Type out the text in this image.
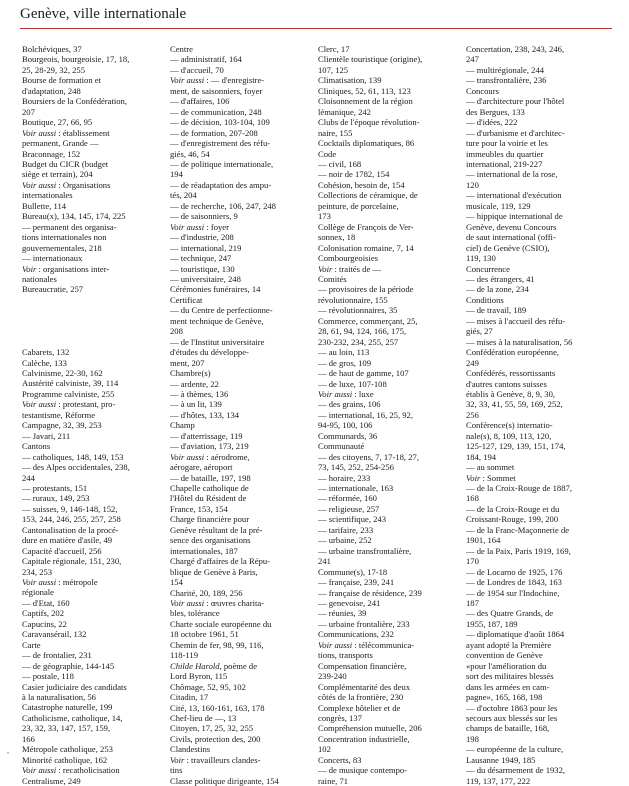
Genève, ville internationale
Bolchéviques, 37
Bourgeois, bourgeoisie, 17, 18,
25, 28-29, 32, 255
Bourse de formation et
d'adaptation, 248
Boursiers de la Confédération,
207
Boutique, 27, 66, 95
Voir aussi : établissement
permanent, Grande —
Braconnage, 152
Budget du CICR (budget
siège et terrain), 204
Voir aussi : Organisations
internationales
Bullette, 114
Bureau(x), 134, 145, 174, 225
— permanent des organisa-
tions internationales non
gouvernementales, 218
— internationaux
Voir : organisations inter-
nationales
Bureaucratie, 257
Cabarets, 132
Calèche, 133
Calvinisme, 22-30, 162
Austérité calviniste, 39, 114
Programme calviniste, 255
Voir aussi : protestant, pro-
testantisme, Réforme
Campagne, 32, 39, 253
— Javari, 211
Cantons
— catholiques, 148, 149, 153
— des Alpes occidentales, 238,
244
— protestants, 151
— ruraux, 149, 253
— suisses, 9, 146-148, 152,
153, 244, 246, 255, 257, 258
Cantonalisation de la procé-
dure en matière d'asile, 49
Capacité d'accueil, 256
Capitale régionale, 151, 230,
234, 253
Voir aussi : métropole
régionale
— d'Etat, 160
Captifs, 202
Capucins, 22
Caravansérail, 132
Carte
— de frontalier, 231
— de géographie, 144-145
— postale, 118
Casier judiciaire des candidats
à la naturalisation, 56
Catastrophe naturelle, 199
Catholicisme, catholique, 14,
23, 32, 33, 147, 157, 159,
166
Métropole catholique, 253
Minorité catholique, 162
Voir aussi : recatholicisation
Centralisme, 249
Centre
— administratif, 164
— d'accueil, 70
Voir aussi : — d'enregistre-
ment, de saisonniers, foyer
— d'affaires, 106
— de communication, 248
— de décision, 103-104, 109
— de formation, 207-208
— d'enregistrement des réfu-
giés, 46, 54
— de politique internationale,
194
— de réadaptation des ampu-
tés, 204
— de recherche, 106, 247, 248
— de saisonniers, 9
Voir aussi : foyer
— d'industrie, 208
— international, 219
— technique, 247
— touristique, 130
— universitaire, 248
Cérémonies funéraires, 14
Certificat
— du Centre de perfectionne-
ment technique de Genève,
208
— de l'Institut universitaire
d'études du développe-
ment, 207
Chambre(s)
— ardente, 22
— à thèmes, 136
— à un lit, 139
— d'hôtes, 133, 134
Champ
— d'atterrissage, 119
— d'aviation, 173, 219
Voir aussi : aérodrome,
aérogare, aéroport
— de bataille, 197, 198
Chapelle catholique de
l'Hôtel du Résident de
France, 153, 154
Charge financière pour
Genève résultant de la pré-
sence des organisations
internationales, 187
Chargé d'affaires de la Répu-
blique de Genève à Paris,
154
Charité, 20, 189, 256
Voir aussi : œuvres charita-
bles, tolérance
Charte sociale européenne du
18 octobre 1961, 51
Chemin de fer, 98, 99, 116,
118-119
Childe Harold, poème de
Lord Byron, 115
Chômage, 52, 95, 102
Citadin, 17
Cité, 13, 160-161, 163, 178
Chef-lieu de —, 13
Citoyen, 17, 25, 32, 255
Civils, protection des, 200
Clandestins
Voir : travailleurs clandes-
tins
Classe politique dirigeante, 154
Clerc, 17
Clientèle touristique (origine),
107, 125
Climatisation, 139
Cliniques, 52, 61, 113, 123
Cloisonnement de la région
lémanique, 242
Clubs de l'époque révolution-
naire, 155
Cocktails diplomatiques, 86
Code
— civil, 168
— noir de 1782, 154
Cohésion, besoin de, 154
Collections de céramique, de
peinture, de porcelaine,
173
Collège de François de Ver-
sonnex, 18
Colonisation romaine, 7, 14
Combourgeoisies
Voir : traités de —
Comités
— provisoires de la période
révolutionnaire, 155
— révolutionnaires, 35
Commerce, commerçant, 25,
28, 61, 94, 124, 166, 175,
230-232, 234, 255, 257
— au loin, 113
— de gros, 109
— de haut de gamme, 107
— de luxe, 107-108
Voir aussi : luxe
— des grains, 106
— international, 16, 25, 92,
94-95, 100, 106
Communards, 36
Communauté
— des citoyens, 7, 17-18, 27,
73, 145, 252, 254-256
— horaire, 233
— internationale, 163
— réformée, 160
— religieuse, 257
— scientifique, 243
— tarifaire, 233
— urbaine, 252
— urbaine transfrontalière,
241
Commune(s), 17-18
— française, 239, 241
— française de résidence, 239
— genevoise, 241
— réunies, 39
— urbaine frontalière, 233
Communications, 232
Voir aussi : télécommunica-
tions, transports
Compensation financière,
239-240
Complémentarité des deux
côtés de la frontière, 230
Complexe hôtelier et de
congrès, 137
Compréhension mutuelle, 206
Concentration industrielle,
102
Concerts, 83
— de musique contempo-
raine, 71
Concertation, 238, 243, 246,
247
— multirégionale, 244
— transfrontalière, 236
Concours
— d'architecture pour l'hôtel
des Bergues, 133
— d'idées, 222
— d'urbanisme et d'architec-
ture pour la voirie et les
immeubles du quartier
international, 219-227
— international de la rose,
120
— international d'exécution
musicale, 119, 129
— hippique international de
Genève, devenu Concours
de saut international (offi-
ciel) de Genève (CSIO),
119, 130
Concurrence
— des étrangers, 41
— de la zone, 234
Conditions
— de travail, 189
— mises à l'accueil des réfu-
giés, 27
— mises à la naturalisation, 56
Confédération européenne,
249
Confédérés, ressortissants
d'autres cantons suisses
établis à Genève, 8, 9, 30,
32, 33, 41, 55, 59, 169, 252,
256
Conférence(s) internatio-
nale(s), 8, 109, 113, 120,
125-127, 129, 139, 151, 174,
184, 194
— au sommet
Voir : Sommet
— de la Croix-Rouge de 1887,
168
— de la Croix-Rouge et du
Croissant-Rouge, 199, 200
— de la Franc-Maçonnerie de
1901, 164
— de la Paix, Paris 1919, 169,
170
— de Locarno de 1925, 176
— de Londres de 1843, 163
— de 1954 sur l'Indochine,
187
— des Quatre Grands, de
1955, 187, 189
— diplomatique d'août 1864
ayant adopté la Première
convention de Genève
«pour l'amélioration du
sort des militaires blessés
dans les armées en cam-
pagne», 165, 168, 198
— d'octobre 1863 pour les
secours aux blessés sur les
champs de bataille, 168,
198
— européenne de la culture,
Lausanne 1949, 185
— du désarmement de 1932,
119, 137, 177, 222
•
